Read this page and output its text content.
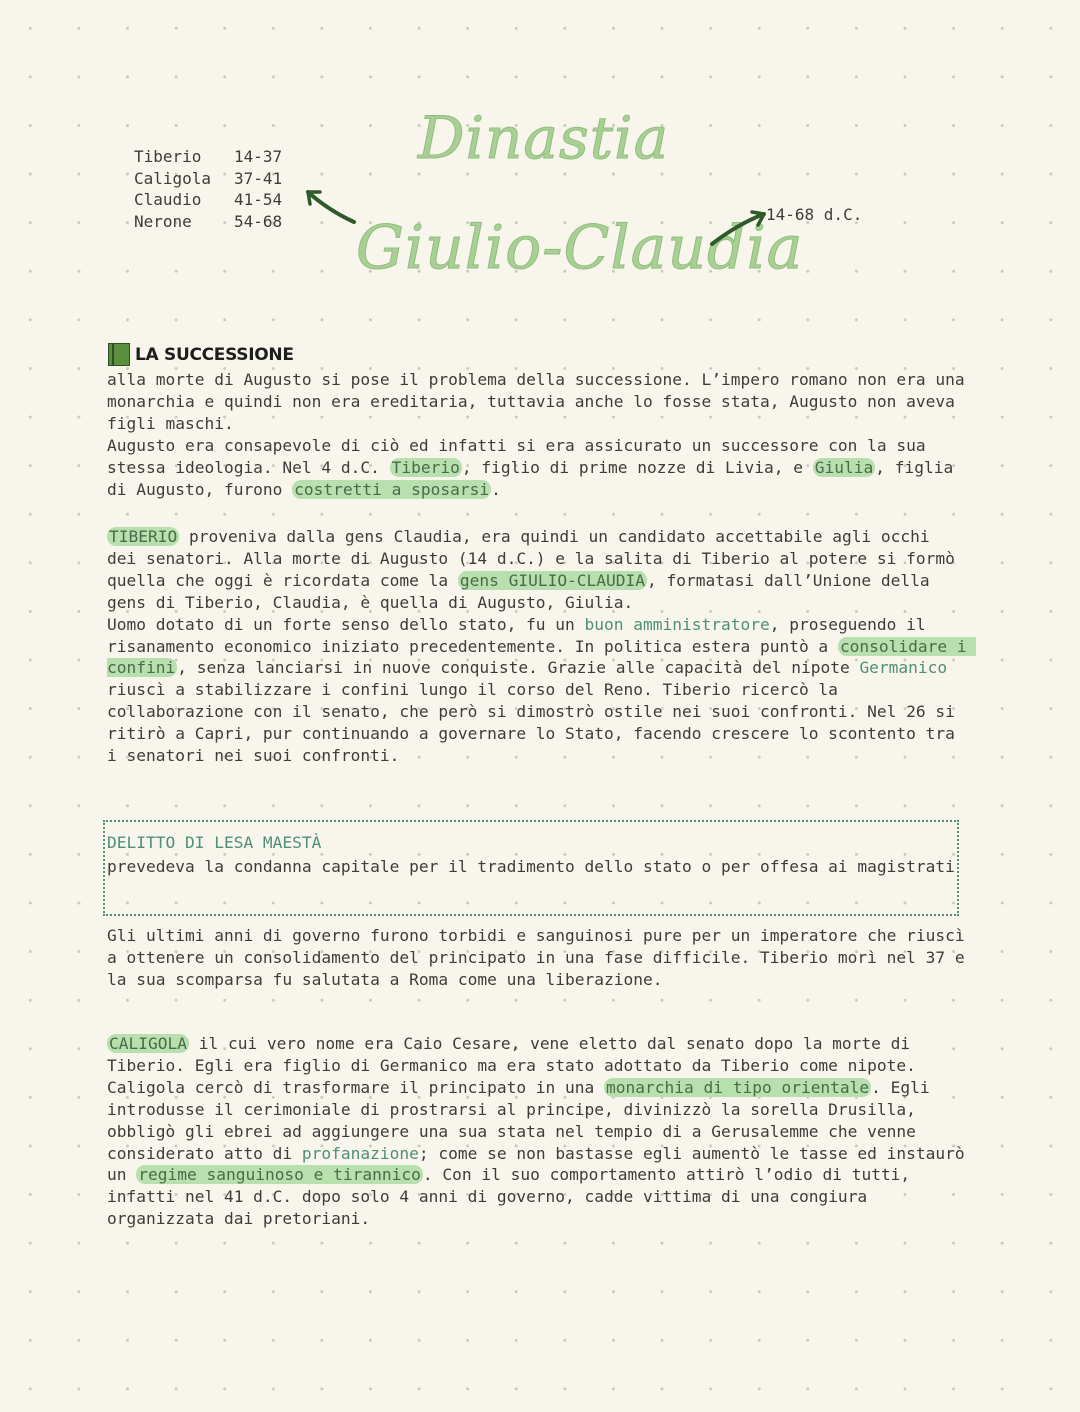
Tiberio	14-37
Caligola	37-41
Claudio	41-54
Nerone	54-68
Dinastia
Giulio-Claudia
14-68 d.C.
LA SUCCESSIONE

alla morte di Augusto si pose il problema della successione. L’impero romano non era una monarchia e quindi non era ereditaria, tuttavia anche lo fosse stata, Augusto non aveva figli maschi.
Augusto era consapevole di ciò ed infatti si era assicurato un successore con la sua stessa ideologia. Nel 4 d.C. Tiberio , figlio di prime nozze di Livia, e Giulia , figlia di Augusto, furono costretti a sposarsi .

TIBERIO proveniva dalla gens Claudia, era quindi un candidato accettabile agli occhi dei senatori. Alla morte di Augusto (14 d.C.) e la salita di Tiberio al potere si formò quella che oggi è ricordata come la gens GIULIO-CLAUDIA , formatasi dall’Unione della gens di Tiberio, Claudia, è quella di Augusto, Giulia.
Uomo dotato di un forte senso dello stato, fu un buon amministratore, proseguendo il risanamento economico iniziato precedentemente. In politica estera puntò a consolidare i confini , senza lanciarsi in nuove conquiste. Grazie alle capacità del nipote Germanico riuscì a stabilizzare i confini lungo il corso del Reno. Tiberio ricercò la collaborazione con il senato, che però si dimostrò ostile nei suoi confronti. Nel 26 si ritirò a Capri, pur continuando a governare lo Stato, facendo crescere lo scontento tra i senatori nei suoi confronti.

DELITTO DI LESA MAESTÀ

prevedeva la condanna capitale per il tradimento dello stato o per offesa ai magistrati

Gli ultimi anni di governo furono torbidi e sanguinosi pure per un imperatore che riuscì a ottenere un consolidamento del principato in una fase difficile. Tiberio morì nel 37 e la sua scomparsa fu salutata a Roma come una liberazione.

CALIGOLA il cui vero nome era Caio Cesare, vene eletto dal senato dopo la morte di Tiberio. Egli era figlio di Germanico ma era stato adottato da Tiberio come nipote. Caligola cercò di trasformare il principato in una monarchia di tipo orientale . Egli introdusse il cerimoniale di prostrarsi al principe, divinizzò la sorella Drusilla, obbligò gli ebrei ad aggiungere una sua stata nel tempio di a Gerusalemme che venne considerato atto di profanazione; come se non bastasse egli aumentò le tasse ed instaurò un regime sanguinoso e tirannico . Con il suo comportamento attirò l’odio di tutti, infatti nel 41 d.C. dopo solo 4 anni di governo, cadde vittima di una congiura organizzata dai pretoriani.
